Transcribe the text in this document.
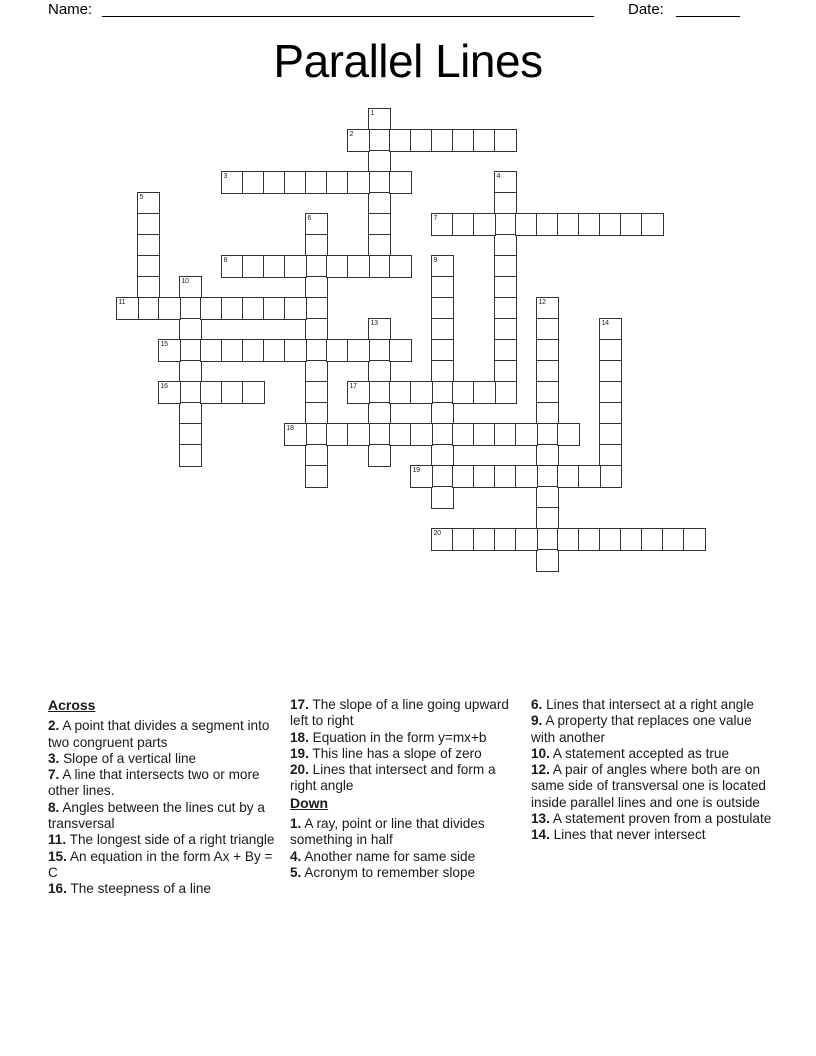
Name:	Date:
Parallel Lines
1
2
3	4
5
6	7
8	9
10
11	12
13	14
15
16	17
18
19
20

Across

2. A point that divides a segment into two congruent parts

3. Slope of a vertical line

7. A line that intersects two or more other lines.

8. Angles between the lines cut by a transversal

11. The longest side of a right triangle

15. An equation in the form Ax + By = C

16. The steepness of a line

17. The slope of a line going upward left to right

18. Equation in the form y=mx+b

19. This line has a slope of zero

20. Lines that intersect and form a right angle

Down

1. A ray, point or line that divides something in half

4. Another name for same side

5. Acronym to remember slope

6. Lines that intersect at a right angle

9. A property that replaces one value with another

10. A statement accepted as true

12. A pair of angles where both are on same side of transversal one is located inside parallel lines and one is outside

13. A statement proven from a postulate

14. Lines that never intersect
